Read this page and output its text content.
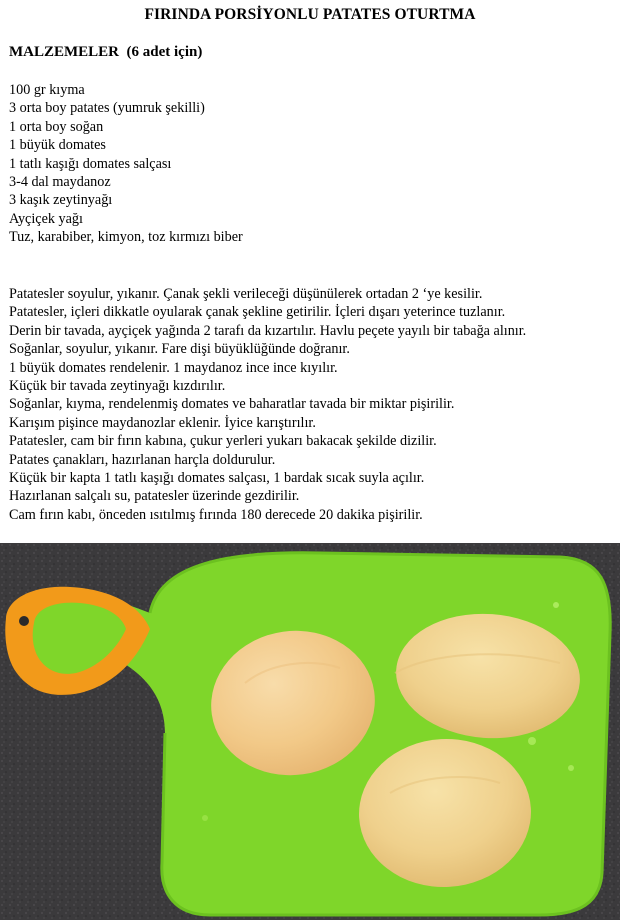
FIRINDA PORSİYONLU PATATES OTURTMA
MALZEMELER  (6 adet için)
100 gr kıyma
3 orta boy patates (yumruk şekilli)
1 orta boy soğan
1 büyük domates
1 tatlı kaşığı domates salçası
3-4 dal maydanoz
3 kaşık zeytinyağı
Ayçiçek yağı
Tuz, karabiber, kimyon, toz kırmızı biber
Patatesler soyulur, yıkanır. Çanak şekli verileceği düşünülerek ortadan 2 ‘ye kesilir.
Patatesler, içleri dikkatle oyularak çanak şekline getirilir. İçleri dışarı yeterince tuzlanır.
Derin bir tavada, ayçiçek yağında 2 tarafı da kızartılır. Havlu peçete yayılı bir tabağa alınır.
Soğanlar, soyulur, yıkanır. Fare dişi büyüklüğünde doğranır.
1 büyük domates rendelenir. 1 maydanoz ince ince kıyılır.
Küçük bir tavada zeytinyağı kızdırılır.
Soğanlar, kıyma, rendelenmiş domates ve baharatlar tavada bir miktar pişirilir.
Karışım pişince maydanozlar eklenir. İyice karıştırılır.
Patatesler, cam bir fırın kabına, çukur yerleri yukarı bakacak şekilde dizilir.
Patates çanakları, hazırlanan harçla doldurulur.
Küçük bir kapta 1 tatlı kaşığı domates salçası, 1 bardak sıcak suyla açılır.
Hazırlanan salçalı su, patatesler üzerinde gezdirilir.
Cam fırın kabı, önceden ısıtılmış fırında 180 derecede 20 dakika pişirilir.
